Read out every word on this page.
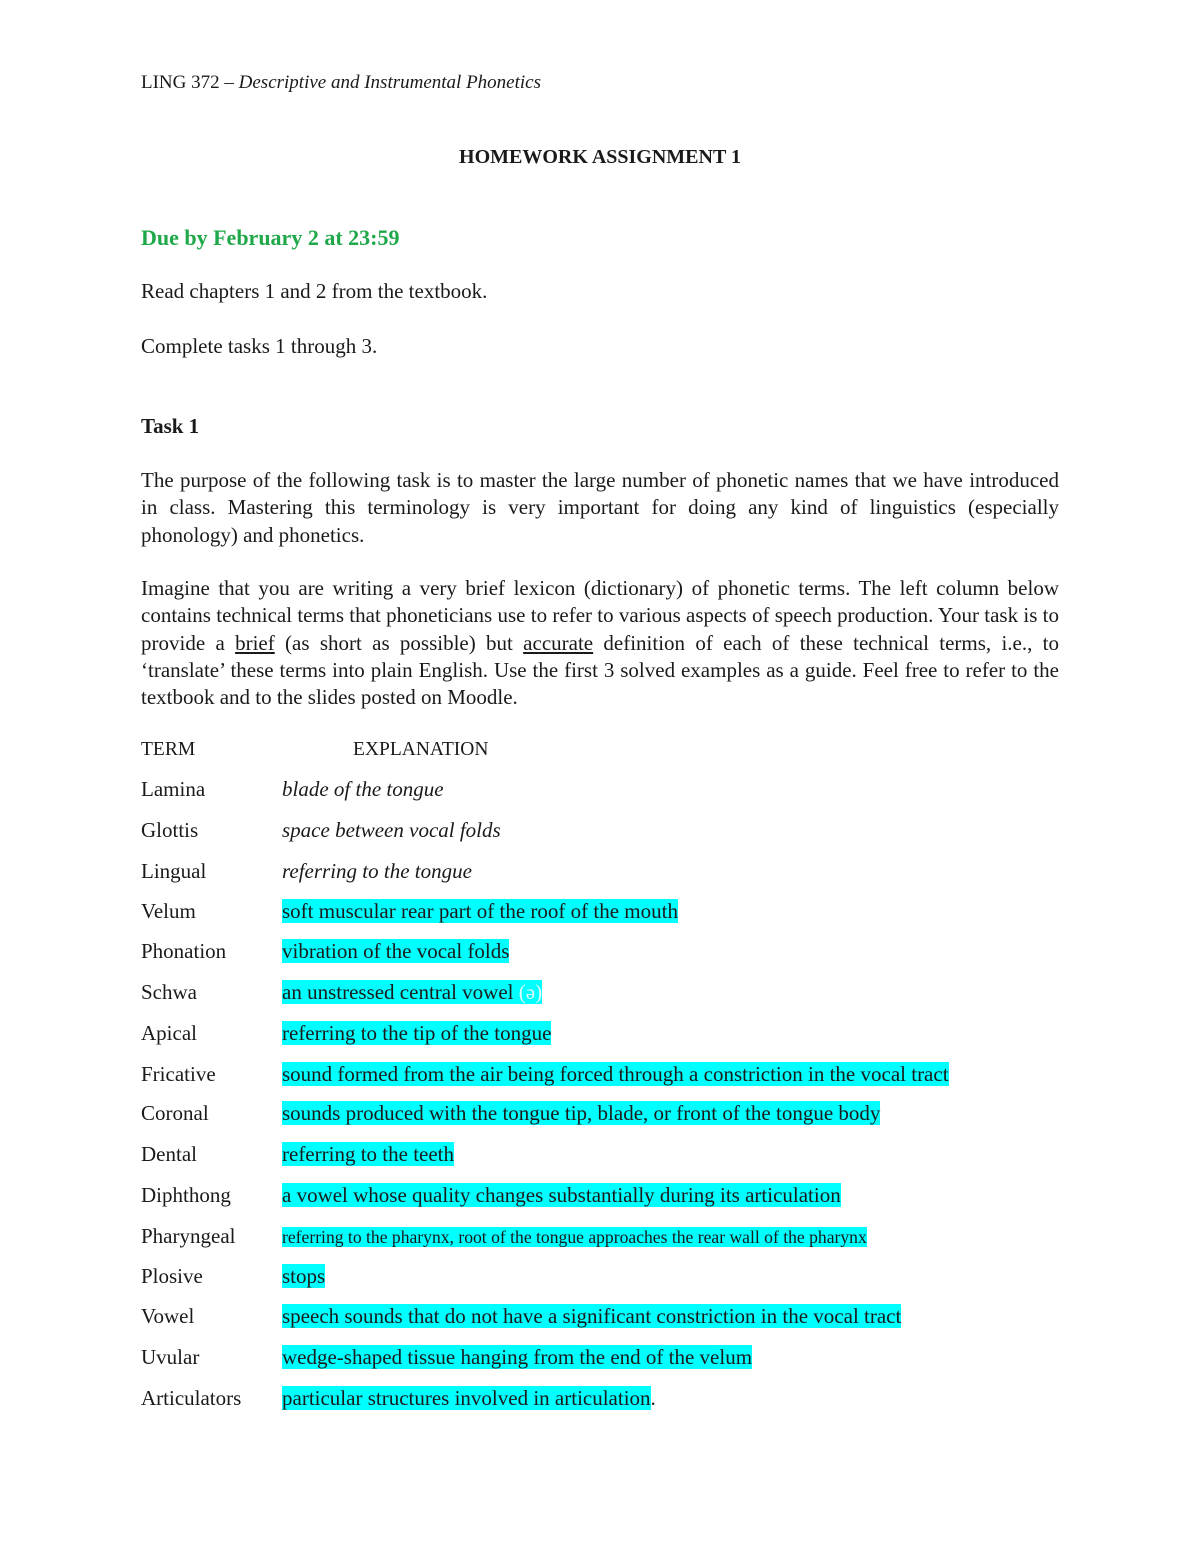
LING 372 – Descriptive and Instrumental Phonetics
HOMEWORK ASSIGNMENT 1
Due by February 2 at 23:59
Read chapters 1 and 2 from the textbook.
Complete tasks 1 through 3.
Task 1

The purpose of the following task is to master the large number of phonetic names that we have introduced in class. Mastering this terminology is very important for doing any kind of linguistics (especially phonology) and phonetics.

Imagine that you are writing a very brief lexicon (dictionary) of phonetic terms. The left column below contains technical terms that phoneticians use to refer to various aspects of speech production. Your task is to provide a brief (as short as possible) but accurate definition of each of these technical terms, i.e., to ‘translate’ these terms into plain English. Use the first 3 solved examples as a guide. Feel free to refer to the textbook and to the slides posted on Moodle.

TERM	EXPLANATION
Lamina	blade of the tongue
Glottis	space between vocal folds
Lingual	referring to the tongue
Velum	soft muscular rear part of the roof of the mouth
Phonation	vibration of the vocal folds
Schwa	an unstressed central vowel (ə)
Apical	referring to the tip of the tongue
Fricative	sound formed from the air being forced through a constriction in the vocal tract
Coronal	sounds produced with the tongue tip, blade, or front of the tongue body
Dental	referring to the teeth
Diphthong a vowel whose quality changes substantially during its articulation
Pharyngeal	referring to the pharynx, root of the tongue approaches the rear wall of the pharynx
Plosive	stops
Vowel	speech sounds that do not have a significant constriction in the vocal tract
Uvular	wedge-shaped tissue hanging from the end of the velum
Articulators particular structures involved in articulation.
